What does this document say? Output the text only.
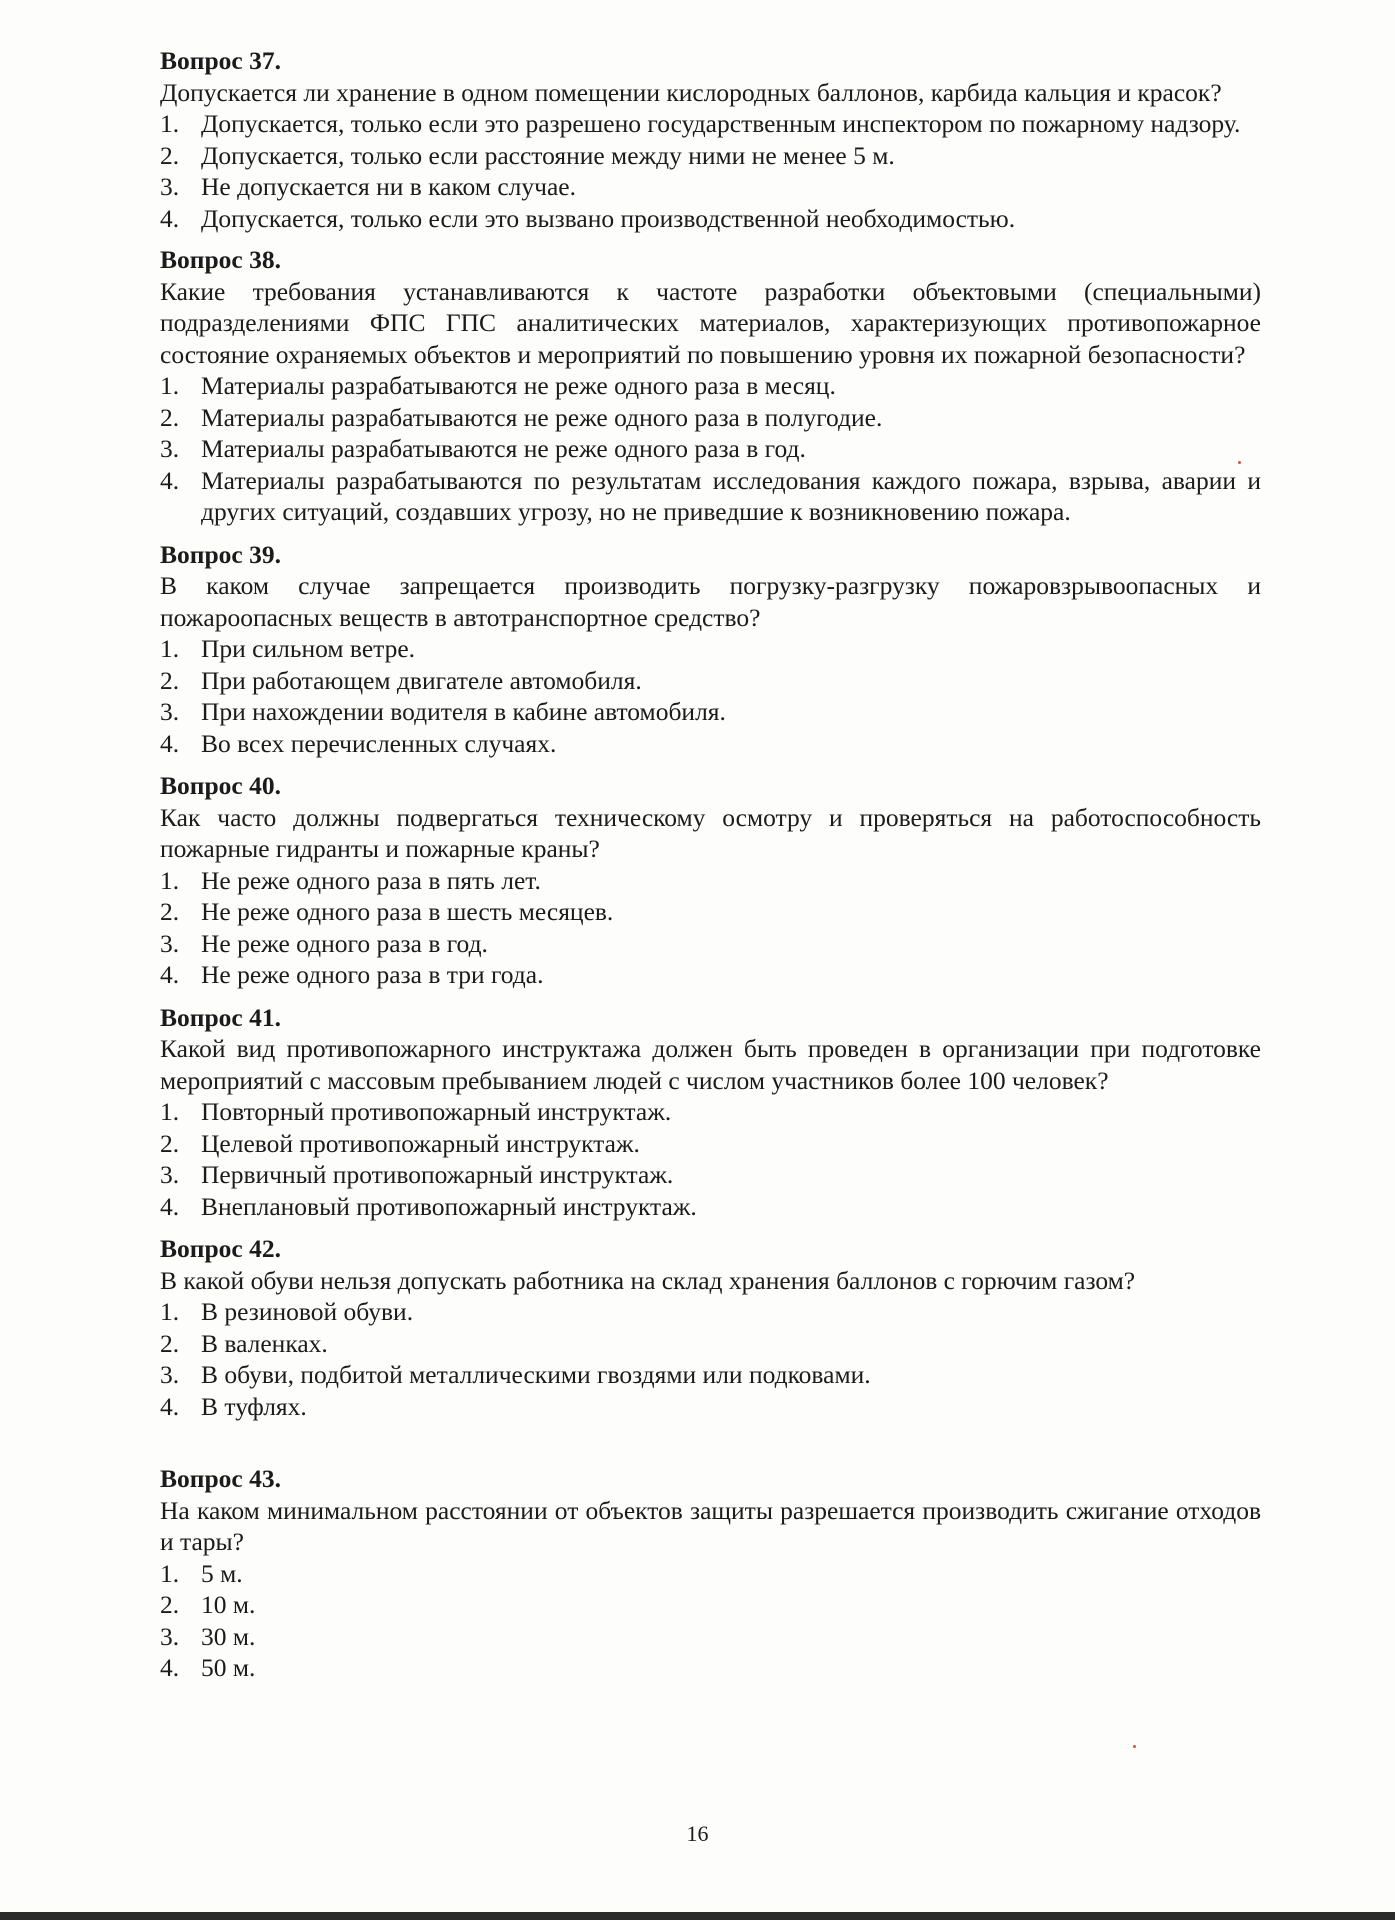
Вопрос 37.

Допускается ли хранение в одном помещении кислородных баллонов, карбида кальция и красок?

1. Допускается, только если это разрешено государственным инспектором по пожарному надзору.
2. Допускается, только если расстояние между ними не менее 5 м.
3. Не допускается ни в каком случае.
4. Допускается, только если это вызвано производственной необходимостью.

Вопрос 38.

Какие требования устанавливаются к частоте разработки объектовыми (специальными) подразделениями ФПС ГПС аналитических материалов, характеризующих противопожарное состояние охраняемых объектов и мероприятий по повышению уровня их пожарной безопасности?

1. Материалы разрабатываются не реже одного раза в месяц.
2. Материалы разрабатываются не реже одного раза в полугодие.
3. Материалы разрабатываются не реже одного раза в год.
4. Материалы разрабатываются по результатам исследования каждого пожара, взрыва, аварии и других ситуаций, создавших угрозу, но не приведшие к возникновению пожара.

Вопрос 39.

В каком случае запрещается производить погрузку-разгрузку пожаровзрывоопасных и пожароопасных веществ в автотранспортное средство?

1. При сильном ветре.
2. При работающем двигателе автомобиля.
3. При нахождении водителя в кабине автомобиля.
4. Во всех перечисленных случаях.

Вопрос 40.

Как часто должны подвергаться техническому осмотру и проверяться на работоспособность пожарные гидранты и пожарные краны?

1. Не реже одного раза в пять лет.
2. Не реже одного раза в шесть месяцев.
3. Не реже одного раза в год.
4. Не реже одного раза в три года.

Вопрос 41.

Какой вид противопожарного инструктажа должен быть проведен в организации при подготовке мероприятий с массовым пребыванием людей с числом участников более 100 человек?

1. Повторный противопожарный инструктаж.
2. Целевой противопожарный инструктаж.
3. Первичный противопожарный инструктаж.
4. Внеплановый противопожарный инструктаж.

Вопрос 42.

В какой обуви нельзя допускать работника на склад хранения баллонов с горючим газом?

1. В резиновой обуви.
2. В валенках.
3. В обуви, подбитой металлическими гвоздями или подковами.
4. В туфлях.

Вопрос 43.

На каком минимальном расстоянии от объектов защиты разрешается производить сжигание отходов и тары?

1. 5 м.
2. 10 м.
3. 30 м.
4. 50 м.
16
